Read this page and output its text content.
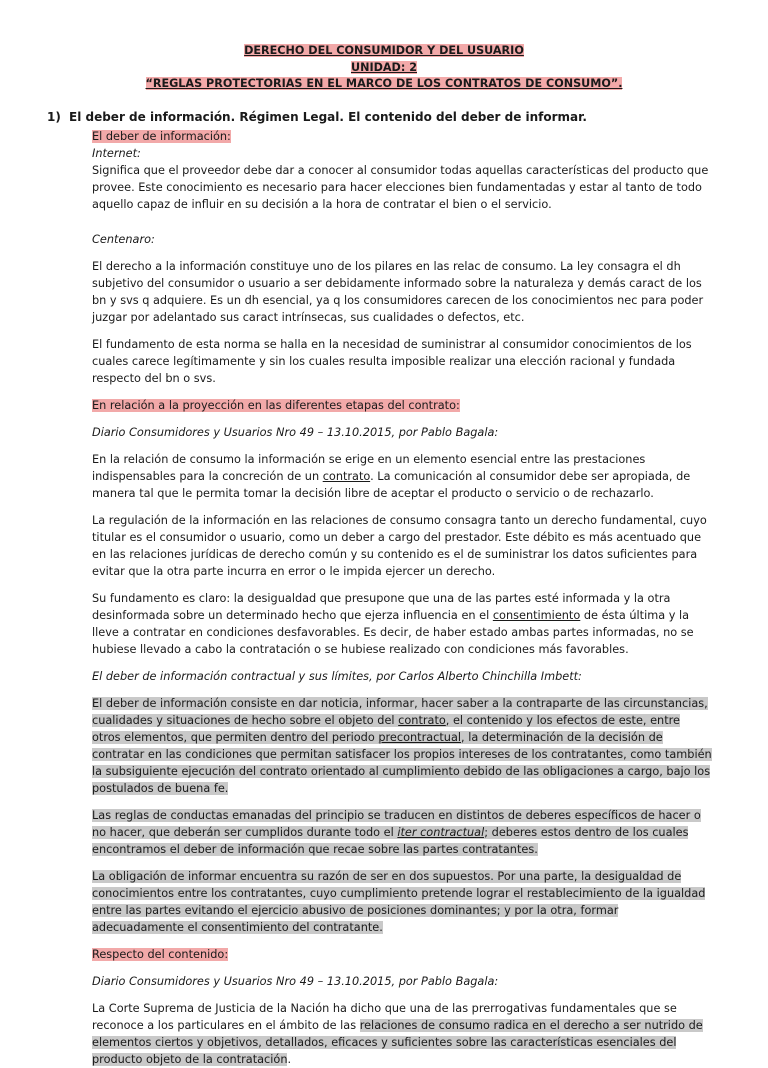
DERECHO DEL CONSUMIDOR Y DEL USUARIO
UNIDAD: 2
“REGLAS PROTECTORIAS EN EL MARCO DE LOS CONTRATOS DE CONSUMO”.
1) El deber de información. Régimen Legal. El contenido del deber de informar.

El deber de información:

Internet:

Significa que el proveedor debe dar a conocer al consumidor todas aquellas características del producto que provee. Este conocimiento es necesario para hacer elecciones bien fundamentadas y estar al tanto de todo aquello capaz de influir en su decisión a la hora de contratar el bien o el servicio.

Centenaro:

El derecho a la información constituye uno de los pilares en las relac de consumo. La ley consagra el dh subjetivo del consumidor o usuario a ser debidamente informado sobre la naturaleza y demás caract de los bn y svs q adquiere. Es un dh esencial, ya q los consumidores carecen de los conocimientos nec para poder juzgar por adelantado sus caract intrínsecas, sus cualidades o defectos, etc.

El fundamento de esta norma se halla en la necesidad de suministrar al consumidor conocimientos de los cuales carece legítimamente y sin los cuales resulta imposible realizar una elección racional y fundada respecto del bn o svs.

En relación a la proyección en las diferentes etapas del contrato:

Diario Consumidores y Usuarios Nro 49 – 13.10.2015, por Pablo Bagala:

En la relación de consumo la información se erige en un elemento esencial entre las prestaciones indispensables para la concreción de un contrato. La comunicación al consumidor debe ser apropiada, de manera tal que le permita tomar la decisión libre de aceptar el producto o servicio o de rechazarlo.

La regulación de la información en las relaciones de consumo consagra tanto un derecho fundamental, cuyo titular es el consumidor o usuario, como un deber a cargo del prestador. Este débito es más acentuado que en las relaciones jurídicas de derecho común y su contenido es el de suministrar los datos suficientes para evitar que la otra parte incurra en error o le impida ejercer un derecho.

Su fundamento es claro: la desigualdad que presupone que una de las partes esté informada y la otra desinformada sobre un determinado hecho que ejerza influencia en el consentimiento de ésta última y la lleve a contratar en condiciones desfavorables. Es decir, de haber estado ambas partes informadas, no se hubiese llevado a cabo la contratación o se hubiese realizado con condiciones más favorables.

El deber de información contractual y sus límites, por Carlos Alberto Chinchilla Imbett:

El deber de información consiste en dar noticia, informar, hacer saber a la contraparte de las circunstancias, cualidades y situaciones de hecho sobre el objeto del contrato, el contenido y los efectos de este, entre otros elementos, que permiten dentro del periodo precontractual, la determinación de la decisión de contratar en las condiciones que permitan satisfacer los propios intereses de los contratantes, como también la subsiguiente ejecución del contrato orientado al cumplimiento debido de las obligaciones a cargo, bajo los postulados de buena fe.

Las reglas de conductas emanadas del principio se traducen en distintos de deberes específicos de hacer o no hacer, que deberán ser cumplidos durante todo el iter contractual; deberes estos dentro de los cuales encontramos el deber de información que recae sobre las partes contratantes.

La obligación de informar encuentra su razón de ser en dos supuestos. Por una parte, la desigualdad de conocimientos entre los contratantes, cuyo cumplimiento pretende lograr el restablecimiento de la igualdad entre las partes evitando el ejercicio abusivo de posiciones dominantes; y por la otra, formar adecuadamente el consentimiento del contratante.

Respecto del contenido:

Diario Consumidores y Usuarios Nro 49 – 13.10.2015, por Pablo Bagala:

La Corte Suprema de Justicia de la Nación ha dicho que una de las prerrogativas fundamentales que se reconoce a los particulares en el ámbito de las relaciones de consumo radica en el derecho a ser nutrido de elementos ciertos y objetivos, detallados, eficaces y suficientes sobre las características esenciales del producto objeto de la contratación.
